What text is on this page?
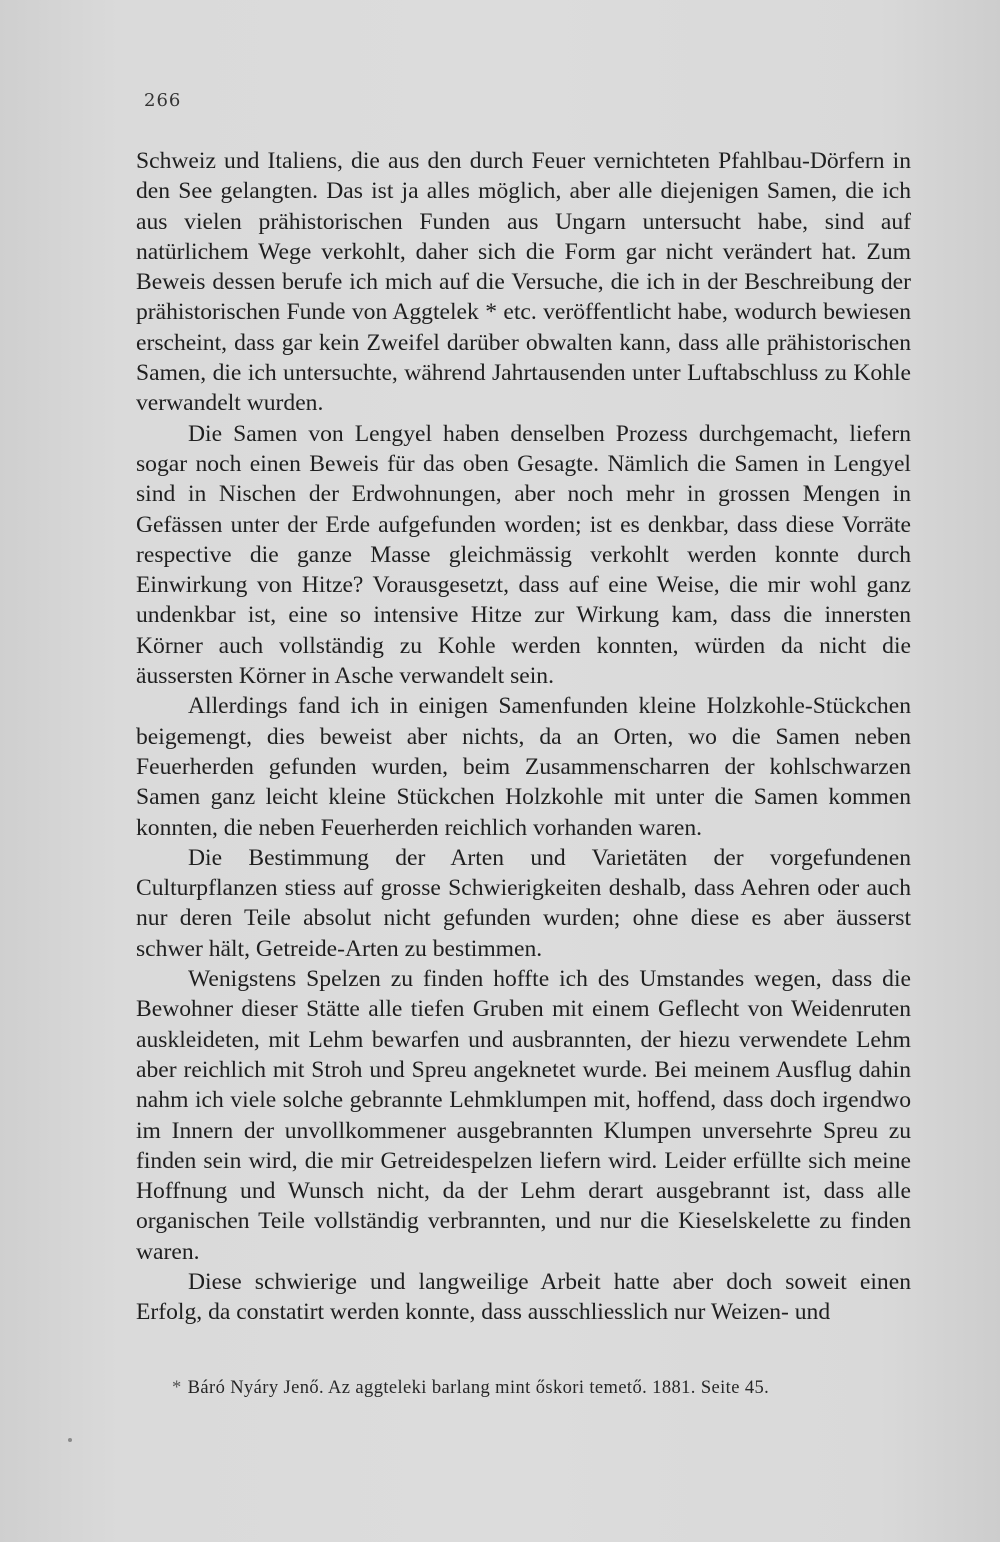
266

Schweiz und Italiens, die aus den durch Feuer vernichteten Pfahlbau-Dörfern in den See gelangten. Das ist ja alles möglich, aber alle diejenigen Samen, die ich aus vielen prähistorischen Funden aus Ungarn untersucht habe, sind auf natürlichem Wege verkohlt, daher sich die Form gar nicht verändert hat. Zum Beweis dessen berufe ich mich auf die Versuche, die ich in der Beschreibung der prähistorischen Funde von Aggtelek * etc. veröffentlicht habe, wodurch bewiesen erscheint, dass gar kein Zweifel darüber obwalten kann, dass alle prähistorischen Samen, die ich untersuchte, während Jahrtausenden unter Luftabschluss zu Kohle verwandelt wurden.

Die Samen von Lengyel haben denselben Prozess durchgemacht, liefern sogar noch einen Beweis für das oben Gesagte. Nämlich die Samen in Lengyel sind in Nischen der Erdwohnungen, aber noch mehr in grossen Mengen in Gefässen unter der Erde aufgefunden worden; ist es denkbar, dass diese Vorräte respective die ganze Masse gleichmässig verkohlt werden konnte durch Einwirkung von Hitze? Vorausgesetzt, dass auf eine Weise, die mir wohl ganz undenkbar ist, eine so intensive Hitze zur Wirkung kam, dass die innersten Körner auch vollständig zu Kohle werden konnten, würden da nicht die äussersten Körner in Asche verwandelt sein.

Allerdings fand ich in einigen Samenfunden kleine Holzkohle-Stückchen beigemengt, dies beweist aber nichts, da an Orten, wo die Samen neben Feuerherden gefunden wurden, beim Zusammenscharren der kohlschwarzen Samen ganz leicht kleine Stückchen Holzkohle mit unter die Samen kommen konnten, die neben Feuerherden reichlich vorhanden waren.

Die Bestimmung der Arten und Varietäten der vorgefundenen Culturpflanzen stiess auf grosse Schwierigkeiten deshalb, dass Aehren oder auch nur deren Teile absolut nicht gefunden wurden; ohne diese es aber äusserst schwer hält, Getreide-Arten zu bestimmen.

Wenigstens Spelzen zu finden hoffte ich des Umstandes wegen, dass die Bewohner dieser Stätte alle tiefen Gruben mit einem Geflecht von Weidenruten auskleideten, mit Lehm bewarfen und ausbrannten, der hiezu verwendete Lehm aber reichlich mit Stroh und Spreu angeknetet wurde. Bei meinem Ausflug dahin nahm ich viele solche gebrannte Lehmklumpen mit, hoffend, dass doch irgendwo im Innern der unvollkommener ausgebrannten Klumpen unversehrte Spreu zu finden sein wird, die mir Getreidespelzen liefern wird. Leider erfüllte sich meine Hoffnung und Wunsch nicht, da der Lehm derart ausgebrannt ist, dass alle organischen Teile vollständig verbrannten, und nur die Kieselskelette zu finden waren.

Diese schwierige und langweilige Arbeit hatte aber doch soweit einen Erfolg, da constatirt werden konnte, dass ausschliesslich nur Weizen- und

* Báró Nyáry Jenő. Az aggteleki barlang mint őskori temető. 1881. Seite 45.
